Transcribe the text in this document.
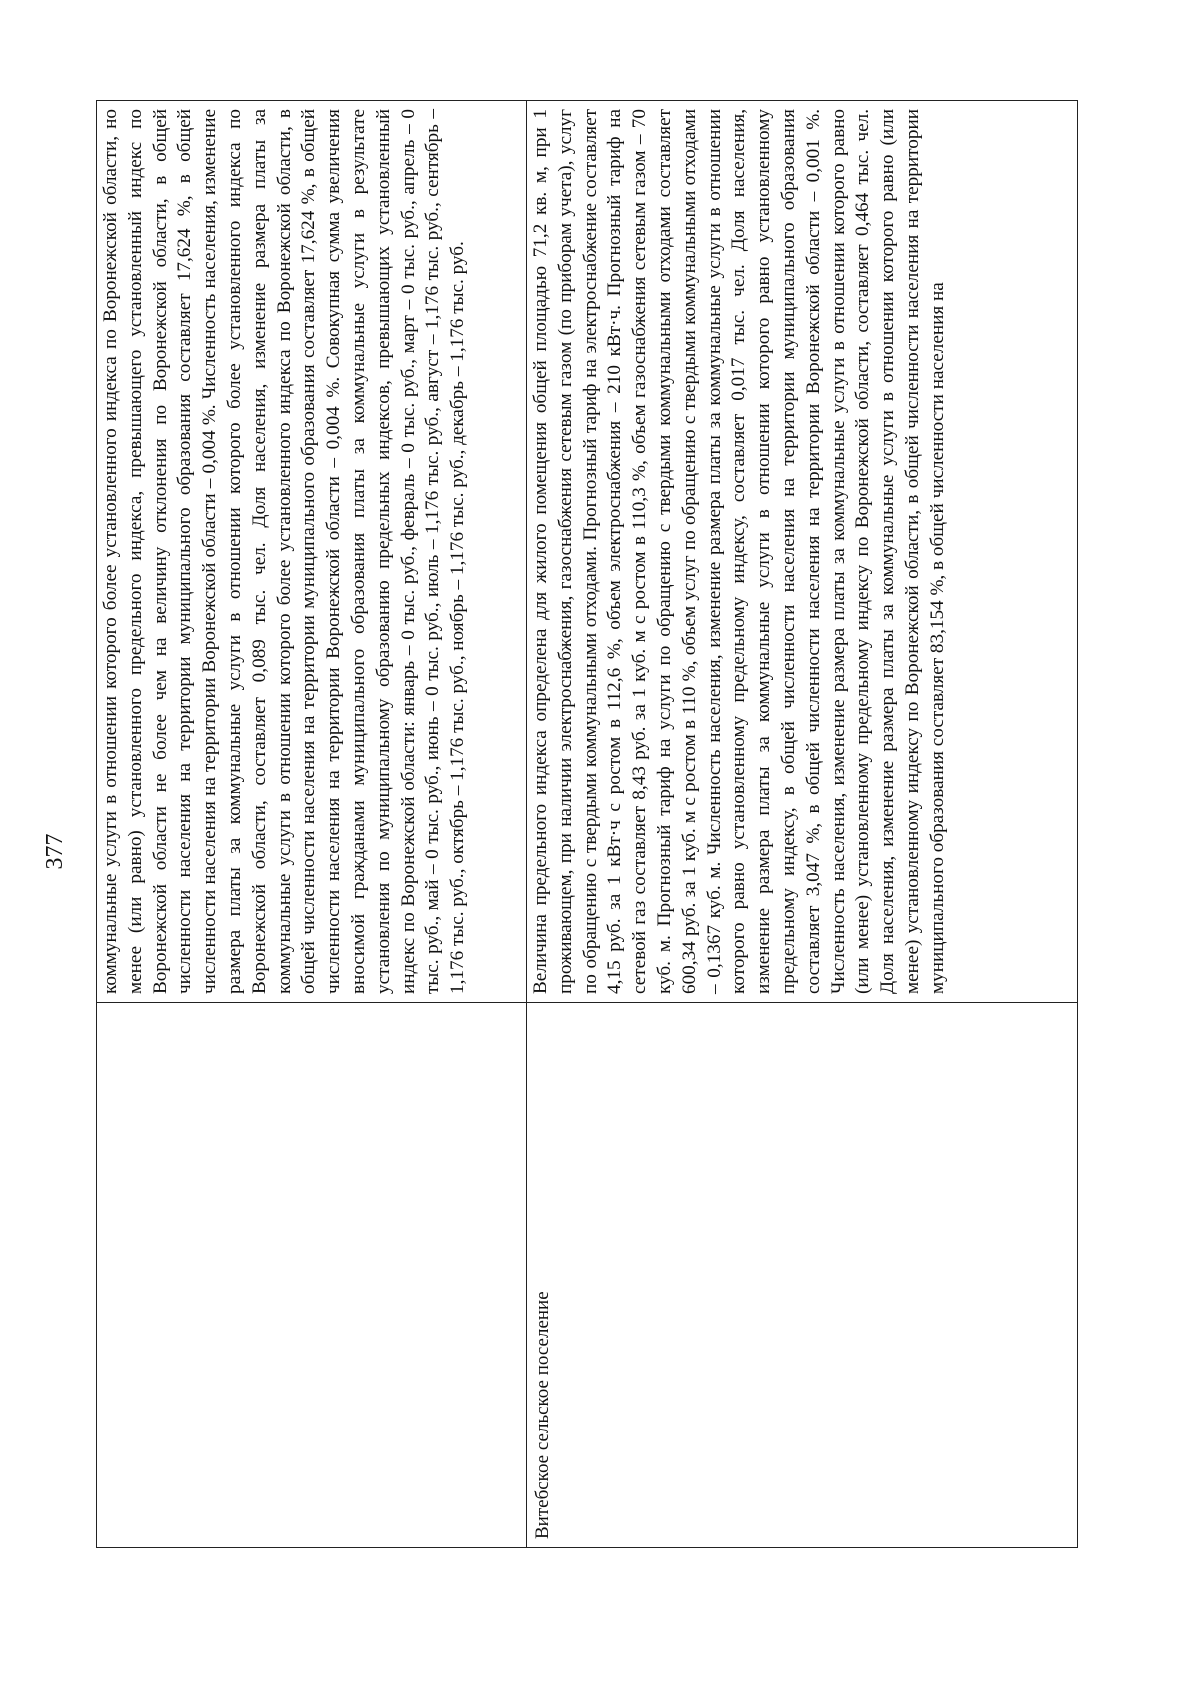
377 коммунальные услуги в отношении которого более установленного индекса по Воронежской области, но менее (или равно) установленного предельного индекса, превышающего установленный индекс по Воронежской области не более чем на величину отклонения по Воронежской области, в общей численности населения на территории муниципального образования составляет 17,624 %, в общей численности населения на территории Воронежской области – 0,004 %. Численность населения, изменение размера платы за коммунальные услуги в отношении которого более установленного индекса по Воронежской области, составляет 0,089 тыс. чел. Доля населения, изменение размера платы за коммунальные услуги в отношении которого более установленного индекса по Воронежской области, в общей численности населения на территории муниципального образования составляет 17,624 %, в общей численности населения на территории Воронежской области – 0,004 %. Совокупная сумма увеличения вносимой гражданами муниципального образования платы за коммунальные услуги в результате установления по муниципальному образованию предельных индексов, превышающих установленный индекс по Воронежской области: январь – 0 тыс. руб., февраль – 0 тыс. руб., март – 0 тыс. руб., апрель – 0 тыс. руб., май – 0 тыс. руб., июнь – 0 тыс. руб., июль – 1,176 тыс. руб., август – 1,176 тыс. руб., сентябрь – 1,176 тыс. руб., октябрь – 1,176 тыс. руб., ноябрь – 1,176 тыс. руб., декабрь – 1,176 тыс. руб.
Витебское сельское поселение
Величина предельного индекса определена для жилого помещения общей площадью 71,2 кв. м, при 1 проживающем, при наличии электроснабжения, газоснабжения сетевым газом (по приборам учета), услуг по обращению с твердыми коммунальными отходами. Прогнозный тариф на электроснабжение составляет 4,15 руб. за 1 кВт·ч с ростом в 112,6 %, объем электроснабжения – 210 кВт·ч. Прогнозный тариф на сетевой газ составляет 8,43 руб. за 1 куб. м с ростом в 110,3 %, объем газоснабжения сетевым газом – 70 куб. м. Прогнозный тариф на услуги по обращению с твердыми коммунальными отходами составляет 600,34 руб. за 1 куб. м с ростом в 110 %, объем услуг по обращению с твердыми коммунальными отходами – 0,1367 куб. м. Численность населения, изменение размера платы за коммунальные услуги в отношении которого равно установленному предельному индексу, составляет 0,017 тыс. чел. Доля населения, изменение размера платы за коммунальные услуги в отношении которого равно установленному предельному индексу, в общей численности населения на территории муниципального образования составляет 3,047 %, в общей численности населения на территории Воронежской области – 0,001 %. Численность населения, изменение размера платы за коммунальные услуги в отношении которого равно (или менее) установленному предельному индексу по Воронежской области, составляет 0,464 тыс. чел. Доля населения, изменение размера платы за коммунальные услуги в отношении которого равно (или менее) установленному индексу по Воронежской области, в общей численности населения на территории муниципального образования составляет 83,154 %, в общей численности населения на
